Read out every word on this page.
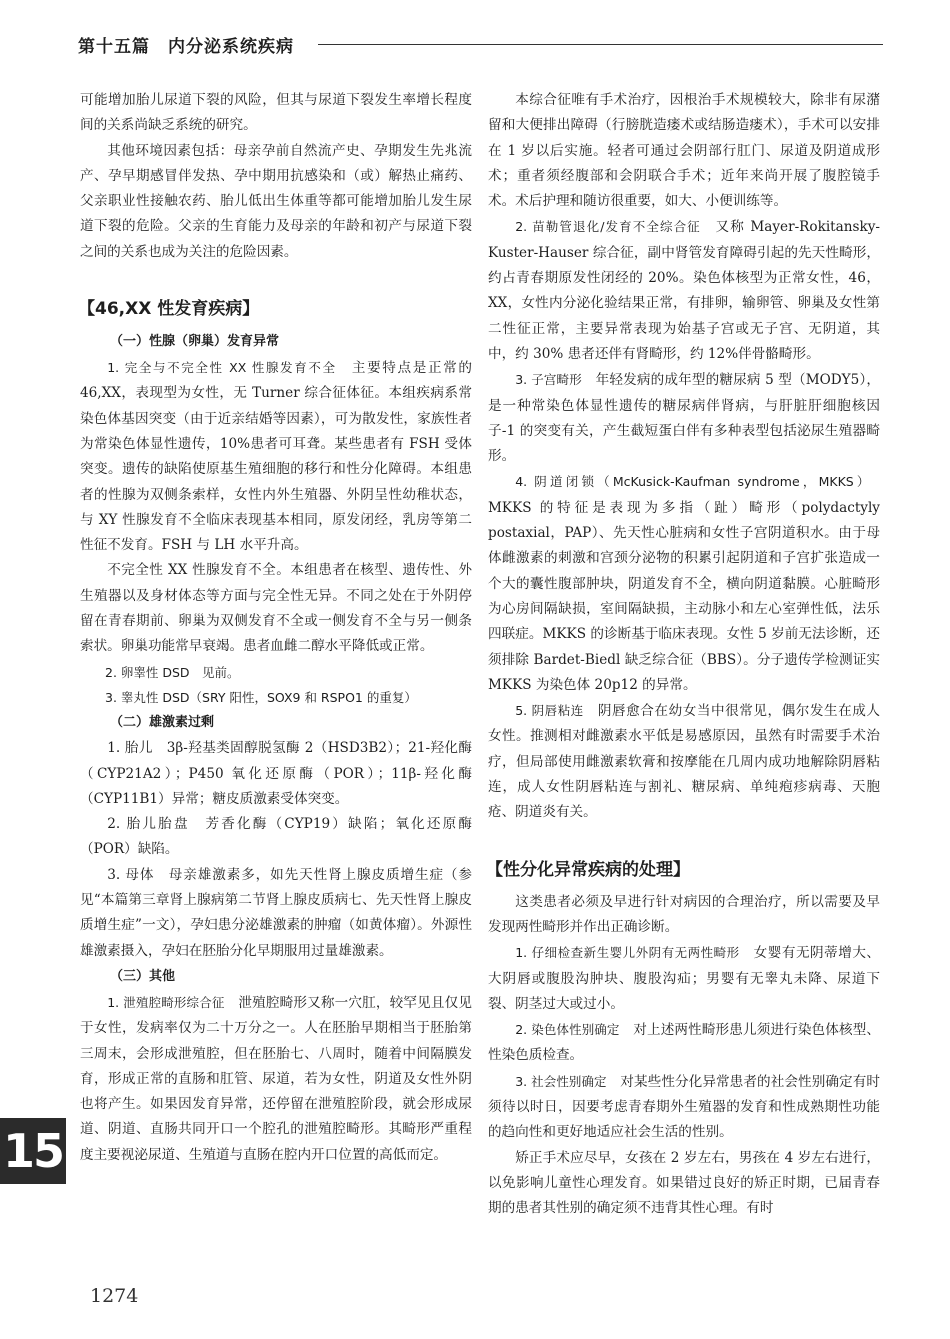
第十五篇　内分泌系统疾病

可能增加胎儿尿道下裂的风险，但其与尿道下裂发生率增长程度间的关系尚缺乏系统的研究。

其他环境因素包括：母亲孕前自然流产史、孕期发生先兆流产、孕早期感冒伴发热、孕中期用抗感染和（或）解热止痛药、父亲职业性接触农药、胎儿低出生体重等都可能增加胎儿发生尿道下裂的危险。父亲的生育能力及母亲的年龄和初产与尿道下裂之间的关系也成为关注的危险因素。

【46,XX 性发育疾病】

（一）性腺（卵巢）发育异常

1. 完全与不完全性 XX 性腺发育不全　主要特点是正常的 46,XX，表现型为女性，无 Turner 综合征体征。本组疾病系常染色体基因突变（由于近亲结婚等因素），可为散发性，家族性者为常染色体显性遗传，10%患者可耳聋。某些患者有 FSH 受体突变。遗传的缺陷使原基生殖细胞的移行和性分化障碍。本组患者的性腺为双侧条索样，女性内外生殖器、外阴呈性幼稚状态，与 XY 性腺发育不全临床表现基本相同，原发闭经，乳房等第二性征不发育。FSH 与 LH 水平升高。

不完全性 XX 性腺发育不全。本组患者在核型、遗传性、外生殖器以及身材体态等方面与完全性无异。不同之处在于外阴停留在青春期前、卵巢为双侧发育不全或一侧发育不全与另一侧条索状。卵巢功能常早衰竭。患者血雌二醇水平降低或正常。

2. 卵睾性 DSD　见前。

3. 睾丸性 DSD（SRY 阳性，SOX9 和 RSPO1 的重复）

（二）雄激素过剩

1. 胎儿　3β-羟基类固醇脱氢酶 2（HSD3B2）；21-羟化酶（CYP21A2）；P450 氧化还原酶（POR）；11β-羟化酶（CYP11B1）异常；糖皮质激素受体突变。

2. 胎儿胎盘　芳香化酶（CYP19）缺陷；氧化还原酶（POR）缺陷。

3. 母体　母亲雄激素多，如先天性肾上腺皮质增生症（参见“本篇第三章肾上腺病第二节肾上腺皮质病七、先天性肾上腺皮质增生症”一文），孕妇患分泌雄激素的肿瘤（如黄体瘤）。外源性雄激素摄入，孕妇在胚胎分化早期服用过量雄激素。

（三）其他

1. 泄殖腔畸形综合征　泄殖腔畸形又称一穴肛，较罕见且仅见于女性，发病率仅为二十万分之一。人在胚胎早期相当于胚胎第三周末，会形成泄殖腔，但在胚胎七、八周时，随着中间隔膜发育，形成正常的直肠和肛管、尿道，若为女性，阴道及女性外阴也将产生。如果因发育异常，还停留在泄殖腔阶段，就会形成尿道、阴道、直肠共同开口一个腔孔的泄殖腔畸形。其畸形严重程度主要视泌尿道、生殖道与直肠在腔内开口位置的高低而定。

本综合征唯有手术治疗，因根治手术规模较大，除非有尿潴留和大便排出障碍（行膀胱造瘘术或结肠造瘘术），手术可以安排在 1 岁以后实施。轻者可通过会阴部行肛门、尿道及阴道成形术；重者须经腹部和会阴联合手术；近年来尚开展了腹腔镜手术。术后护理和随访很重要，如大、小便训练等。

2. 苗勒管退化/发育不全综合征　又称 Mayer-Rokitansky-Kuster-Hauser 综合征，副中肾管发育障碍引起的先天性畸形，约占青春期原发性闭经的 20%。染色体核型为正常女性，46，XX，女性内分泌化验结果正常，有排卵，输卵管、卵巢及女性第二性征正常，主要异常表现为始基子宫或无子宫、无阴道，其中，约 30% 患者还伴有肾畸形，约 12%伴骨骼畸形。

3. 子宫畸形　年轻发病的成年型的糖尿病 5 型（MODY5），是一种常染色体显性遗传的糖尿病伴肾病，与肝脏肝细胞核因子-1 的突变有关，产生截短蛋白伴有多种表型包括泌尿生殖器畸形。

4. 阴道闭锁（McKusick-Kaufman syndrome，MKKS）　MKKS 的特征是表现为多指（趾）畸形（polydactyly postaxial，PAP）、先天性心脏病和女性子宫阴道积水。由于母体雌激素的刺激和宫颈分泌物的积累引起阴道和子宫扩张造成一个大的囊性腹部肿块，阴道发育不全，横向阴道黏膜。心脏畸形为心房间隔缺损，室间隔缺损，主动脉小和左心室弹性低，法乐四联症。MKKS 的诊断基于临床表现。女性 5 岁前无法诊断，还须排除 Bardet-Biedl 缺乏综合征（BBS）。分子遗传学检测证实 MKKS 为染色体 20p12 的异常。

5. 阴唇粘连　阴唇愈合在幼女当中很常见，偶尔发生在成人女性。推测相对雌激素水平低是易感原因，虽然有时需要手术治疗，但局部使用雌激素软膏和按摩能在几周内成功地解除阴唇粘连，成人女性阴唇粘连与割礼、糖尿病、单纯疱疹病毒、天胞疮、阴道炎有关。

【性分化异常疾病的处理】

这类患者必须及早进行针对病因的合理治疗，所以需要及早发现两性畸形并作出正确诊断。

1. 仔细检查新生婴儿外阴有无两性畸形　女婴有无阴蒂增大、大阴唇或腹股沟肿块、腹股沟疝；男婴有无睾丸未降、尿道下裂、阴茎过大或过小。

2. 染色体性别确定　对上述两性畸形患儿须进行染色体核型、性染色质检查。

3. 社会性别确定　对某些性分化异常患者的社会性别确定有时须待以时日，因要考虑青春期外生殖器的发育和性成熟期性功能的趋向性和更好地适应社会生活的性别。

矫正手术应尽早，女孩在 2 岁左右，男孩在 4 岁左右进行，以免影响儿童性心理发育。如果错过良好的矫正时期，已届青春期的患者其性别的确定须不违背其性心理。有时

15
1274
